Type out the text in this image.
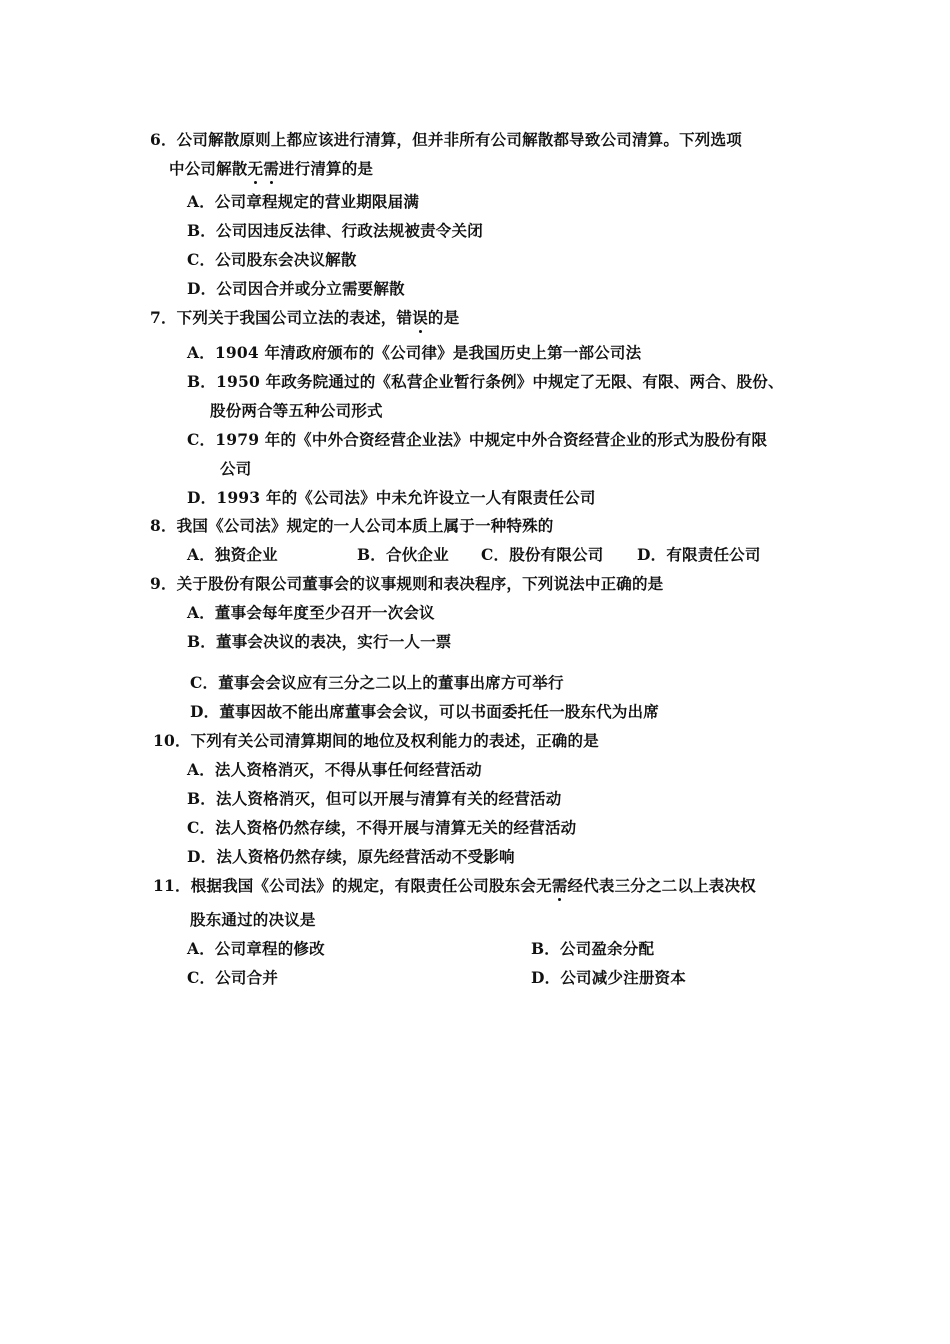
6．公司解散原则上都应该进行清算，但并非所有公司解散都导致公司清算。下列选项
中公司解散无需进行清算的是
A．公司章程规定的营业期限届满
B．公司因违反法律、行政法规被责令关闭
C．公司股东会决议解散
D．公司因合并或分立需要解散
7．下列关于我国公司立法的表述，错误的是
A．1904 年清政府颁布的《公司律》是我国历史上第一部公司法
B．1950 年政务院通过的《私营企业暂行条例》中规定了无限、有限、两合、股份、
股份两合等五种公司形式
C．1979 年的《中外合资经营企业法》中规定中外合资经营企业的形式为股份有限
公司
D．1993 年的《公司法》中未允许设立一人有限责任公司
8．我国《公司法》规定的一人公司本质上属于一种特殊的
A．独资企业	B．合伙企业 C．股份有限公司 D．有限责任公司
9．关于股份有限公司董事会的议事规则和表决程序，下列说法中正确的是
A．董事会每年度至少召开一次会议
B．董事会决议的表决，实行一人一票
C．董事会会议应有三分之二以上的董事出席方可举行
D．董事因故不能出席董事会会议，可以书面委托任一股东代为出席
10．下列有关公司清算期间的地位及权利能力的表述，正确的是
A．法人资格消灭，不得从事任何经营活动
B．法人资格消灭，但可以开展与清算有关的经营活动
C．法人资格仍然存续，不得开展与清算无关的经营活动
D．法人资格仍然存续，原先经营活动不受影响
11．根据我国《公司法》的规定，有限责任公司股东会无需经代表三分之二以上表决权
股东通过的决议是
A．公司章程的修改	B．公司盈余分配
C．公司合并	D．公司减少注册资本
